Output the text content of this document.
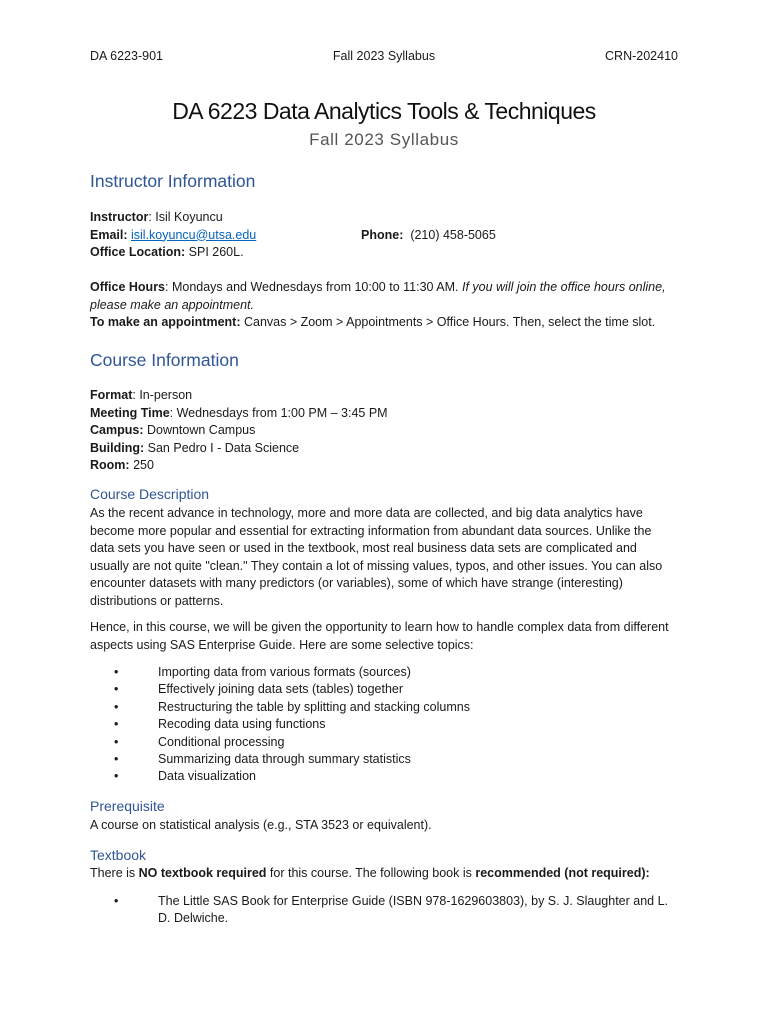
DA 6223-901	Fall 2023 Syllabus	CRN-202410
DA 6223 Data Analytics Tools & Techniques
Fall 2023 Syllabus
Instructor Information

Instructor: Isil Koyuncu

Email: isil.koyuncu@utsa.edu	Phone: (210) 458-5065

Office Location: SPI 260L.

Office Hours: Mondays and Wednesdays from 10:00 to 11:30 AM. If you will join the office hours online, please make an appointment.

To make an appointment: Canvas > Zoom > Appointments > Office Hours. Then, select the time slot.

Course Information

Format: In-person

Meeting Time: Wednesdays from 1:00 PM – 3:45 PM

Campus: Downtown Campus

Building: San Pedro I - Data Science

Room: 250

Course Description

As the recent advance in technology, more and more data are collected, and big data analytics have become more popular and essential for extracting information from abundant data sources. Unlike the data sets you have seen or used in the textbook, most real business data sets are complicated and usually are not quite "clean." They contain a lot of missing values, typos, and other issues. You can also encounter datasets with many predictors (or variables), some of which have strange (interesting) distributions or patterns.

Hence, in this course, we will be given the opportunity to learn how to handle complex data from different aspects using SAS Enterprise Guide. Here are some selective topics:

• Importing data from various formats (sources)
• Effectively joining data sets (tables) together
• Restructuring the table by splitting and stacking columns
• Recoding data using functions
• Conditional processing
• Summarizing data through summary statistics
• Data visualization
Prerequisite

A course on statistical analysis (e.g., STA 3523 or equivalent).

Textbook

There is NO textbook required for this course. The following book is recommended (not required):

• The Little SAS Book for Enterprise Guide (ISBN 978-1629603803), by S. J. Slaughter and L. D. Delwiche.
